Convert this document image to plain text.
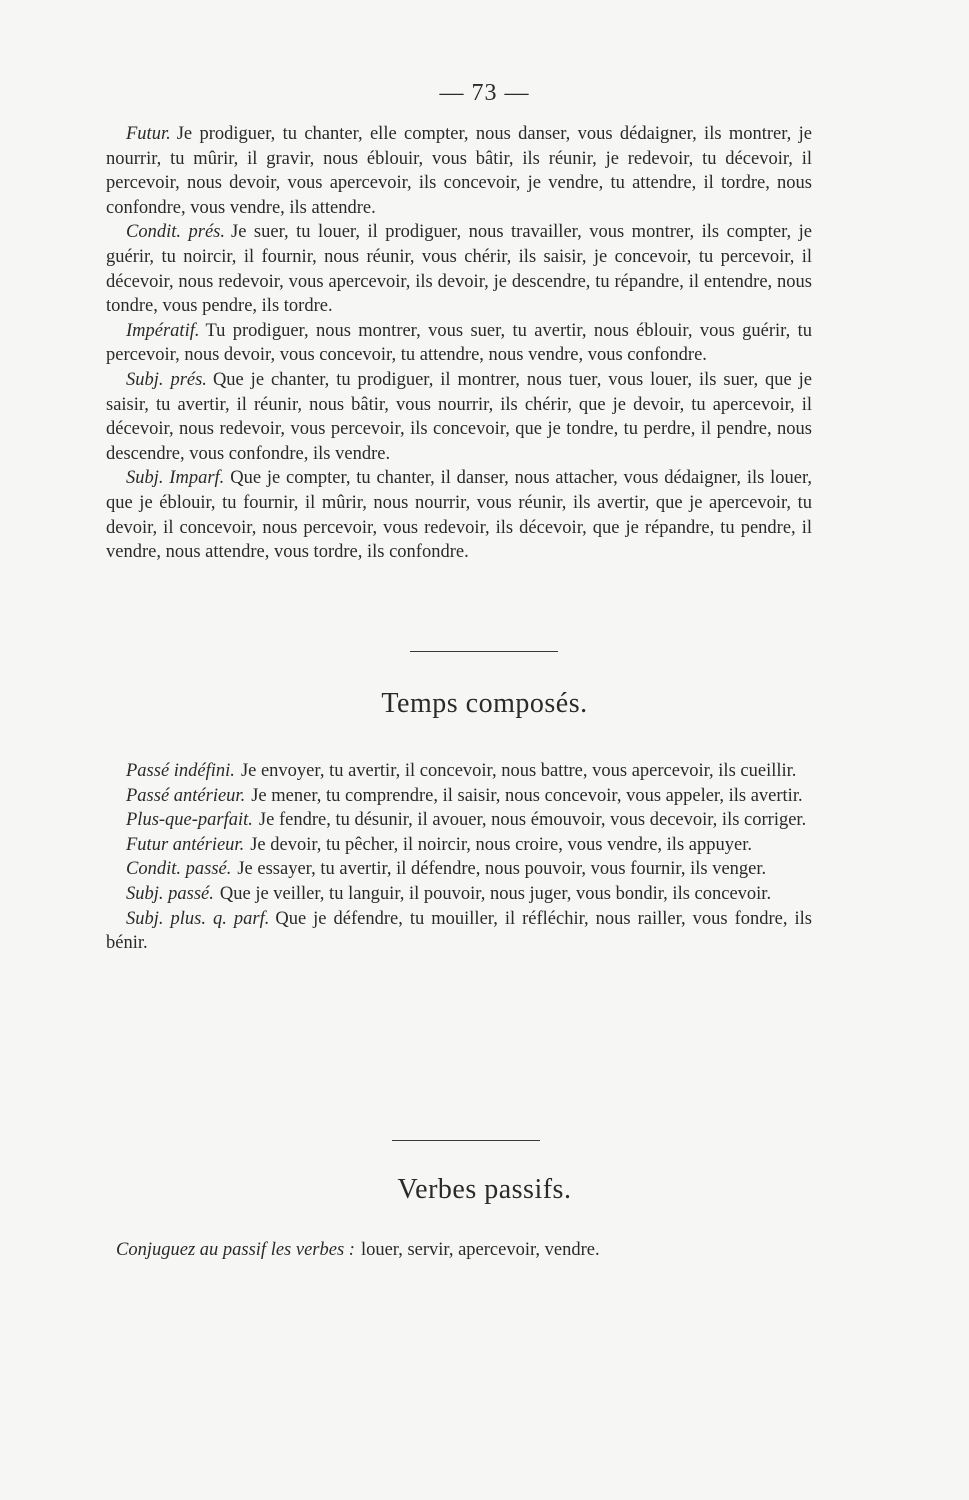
— 73 —

Futur. Je prodiguer, tu chanter, elle compter, nous danser, vous dédaigner, ils montrer, je nourrir, tu mûrir, il gravir, nous éblouir, vous bâtir, ils réunir, je redevoir, tu décevoir, il percevoir, nous devoir, vous apercevoir, ils concevoir, je vendre, tu attendre, il tordre, nous confondre, vous vendre, ils attendre.

Condit. prés. Je suer, tu louer, il prodiguer, nous travailler, vous montrer, ils compter, je guérir, tu noircir, il fournir, nous réunir, vous chérir, ils saisir, je concevoir, tu percevoir, il décevoir, nous redevoir, vous apercevoir, ils devoir, je descendre, tu répandre, il entendre, nous tondre, vous pendre, ils tordre.

Impératif. Tu prodiguer, nous montrer, vous suer, tu avertir, nous éblouir, vous guérir, tu percevoir, nous devoir, vous concevoir, tu attendre, nous vendre, vous confondre.

Subj. prés. Que je chanter, tu prodiguer, il montrer, nous tuer, vous louer, ils suer, que je saisir, tu avertir, il réunir, nous bâtir, vous nourrir, ils chérir, que je devoir, tu apercevoir, il décevoir, nous redevoir, vous percevoir, ils concevoir, que je tondre, tu perdre, il pendre, nous descendre, vous confondre, ils vendre.

Subj. Imparf. Que je compter, tu chanter, il danser, nous attacher, vous dédaigner, ils louer, que je éblouir, tu fournir, il mûrir, nous nourrir, vous réunir, ils avertir, que je apercevoir, tu devoir, il concevoir, nous percevoir, vous redevoir, ils décevoir, que je répandre, tu pendre, il vendre, nous attendre, vous tordre, ils confondre.

Temps composés.

Passé indéfini. Je envoyer, tu avertir, il concevoir, nous battre, vous apercevoir, ils cueillir.

Passé antérieur. Je mener, tu comprendre, il saisir, nous concevoir, vous appeler, ils avertir.

Plus-que-parfait. Je fendre, tu désunir, il avouer, nous émouvoir, vous decevoir, ils corriger.

Futur antérieur. Je devoir, tu pêcher, il noircir, nous croire, vous vendre, ils appuyer.

Condit. passé. Je essayer, tu avertir, il défendre, nous pouvoir, vous fournir, ils venger.

Subj. passé. Que je veiller, tu languir, il pouvoir, nous juger, vous bondir, ils concevoir.

Subj. plus. q. parf. Que je défendre, tu mouiller, il réfléchir, nous railler, vous fondre, ils bénir.

Verbes passifs.
Conjuguez au passif les verbes : louer, servir, apercevoir, vendre.
